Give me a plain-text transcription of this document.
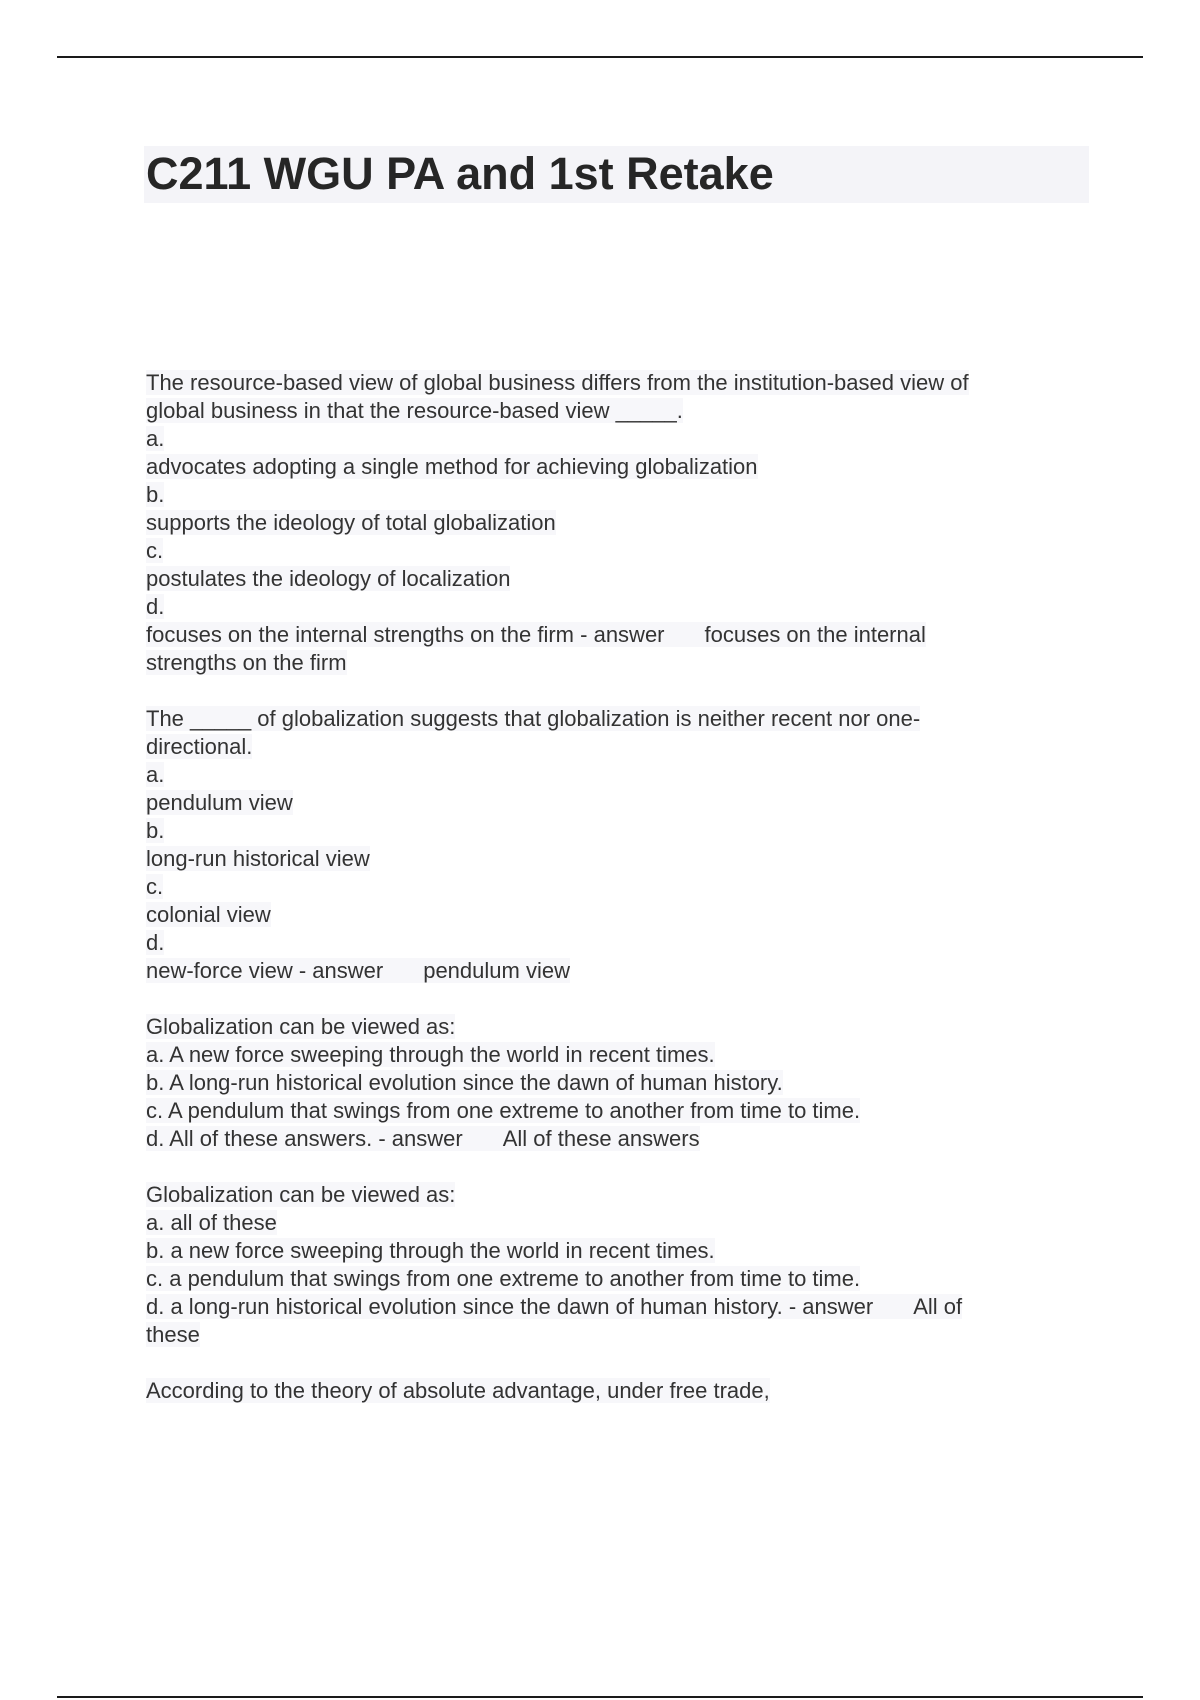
C211 WGU PA and 1st Retake
The resource-based view of global business differs from the institution-based view of
global business in that the resource-based view _____.
a.
advocates adopting a single method for achieving globalization
b.
supports the ideology of total globalization
c.
postulates the ideology of localization
d.
focuses on the internal strengths on the firm - answer focuses on the internal
strengths on the firm
The _____ of globalization suggests that globalization is neither recent nor one-
directional.
a.
pendulum view
b.
long-run historical view
c.
colonial view
d.
new-force view - answer pendulum view
Globalization can be viewed as:
a. A new force sweeping through the world in recent times.
b. A long-run historical evolution since the dawn of human history.
c. A pendulum that swings from one extreme to another from time to time.
d. All of these answers. - answer All of these answers
Globalization can be viewed as:
a. all of these
b. a new force sweeping through the world in recent times.
c. a pendulum that swings from one extreme to another from time to time.
d. a long-run historical evolution since the dawn of human history. - answer All of
these
According to the theory of absolute advantage, under free trade,
